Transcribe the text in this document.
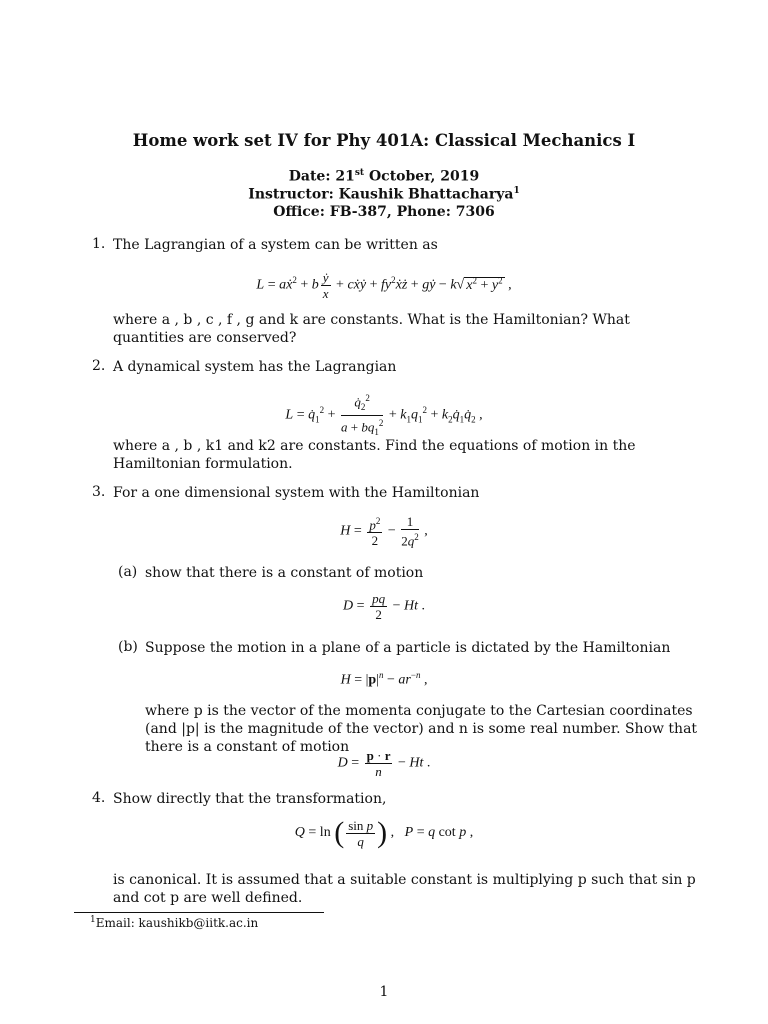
Home work set IV for Phy 401A: Classical Mechanics I
Date: 21st October, 2019
Instructor: Kaushik Bhattacharya$^1$
Office: FB-387, Phone: 7306
1. The Lagrangian of a system can be written as
L = aẋ$^2$ + b $\frac{\text{ẏ}}{x}$ + cẋẏ + $fy^2ẋż$ + gẏ − k√ $x^2 + y^2$ ,
where a , b , c , f , g and k are constants. What is the Hamiltonian? What quantities are conserved?
2. A dynamical system has the Lagrangian
$L = q̇_1^2 + \frac{q̇_2^2}{a + bq_1^2} + k_1q_1^2$ + $k_2q̇_1q̇_2$ ,
where a , b , k1 and k2 are constants. Find the equations of motion in the Hamiltonian formulation.
3. For a one dimensional system with the Hamiltonian
$H = \frac{p^2}{2} - \frac{1}{2q^2}$ ,
(a) show that there is a constant of motion
$D = \frac{pq}{2} - Ht$ .
(b) Suppose the motion in a plane of a particle is dictated by the Hamiltonian
$H = |p|^n - ar^{-n}$ ,
where p is the vector of the momenta conjugate to the Cartesian coordinates (and |p| is the magnitude of the vector) and n is some real number. Show that there is a constant of motion
$D = \frac{p \cdot r}{n} - Ht$ .
4. Show directly that the transformation,
Q = ln ( $\frac{\text{sin p}}{q}$ ) ,   P = q cot p ,
is canonical. It is assumed that a suitable constant is multiplying p such that sin p and cot p are well defined.
$^1$Email: kaushikb@iitk.ac.in
1
